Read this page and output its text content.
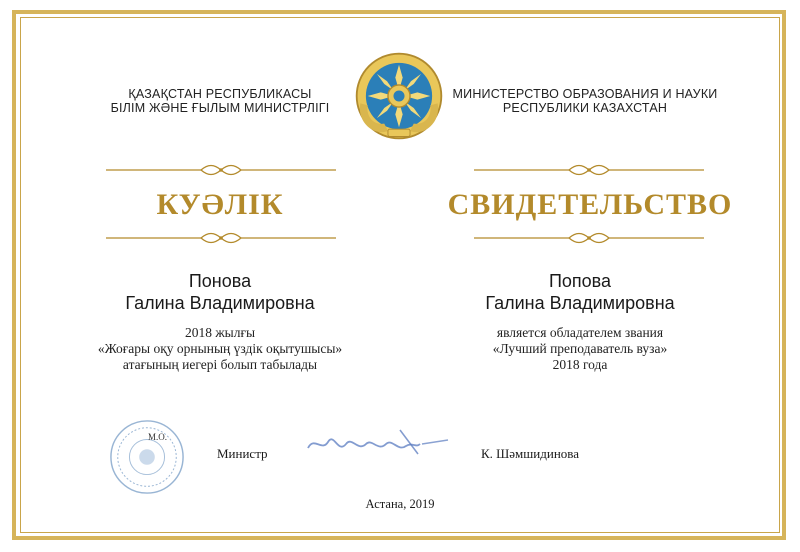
ҚАЗАҚСТАН РЕСПУБЛИКАСЫ
БІЛІМ ЖӘНЕ ҒЫЛЫМ МИНИСТРЛІГІ
МИНИСТЕРСТВО ОБРАЗОВАНИЯ И НАУКИ
РЕСПУБЛИКИ КАЗАХСТАН
КУӘЛІК	СВИДЕТЕЛЬСТВО
Понова
Галина Владимировна
2018 жылғы
«Жоғары оқу орнының үздік оқытушысы»
атағының иегері болып табылады
Попова
Галина Владимировна
является обладателем звания
«Лучший преподаватель вуза»
2018 года
М.О.
Министр	К. Шәмшидинова
Астана, 2019
